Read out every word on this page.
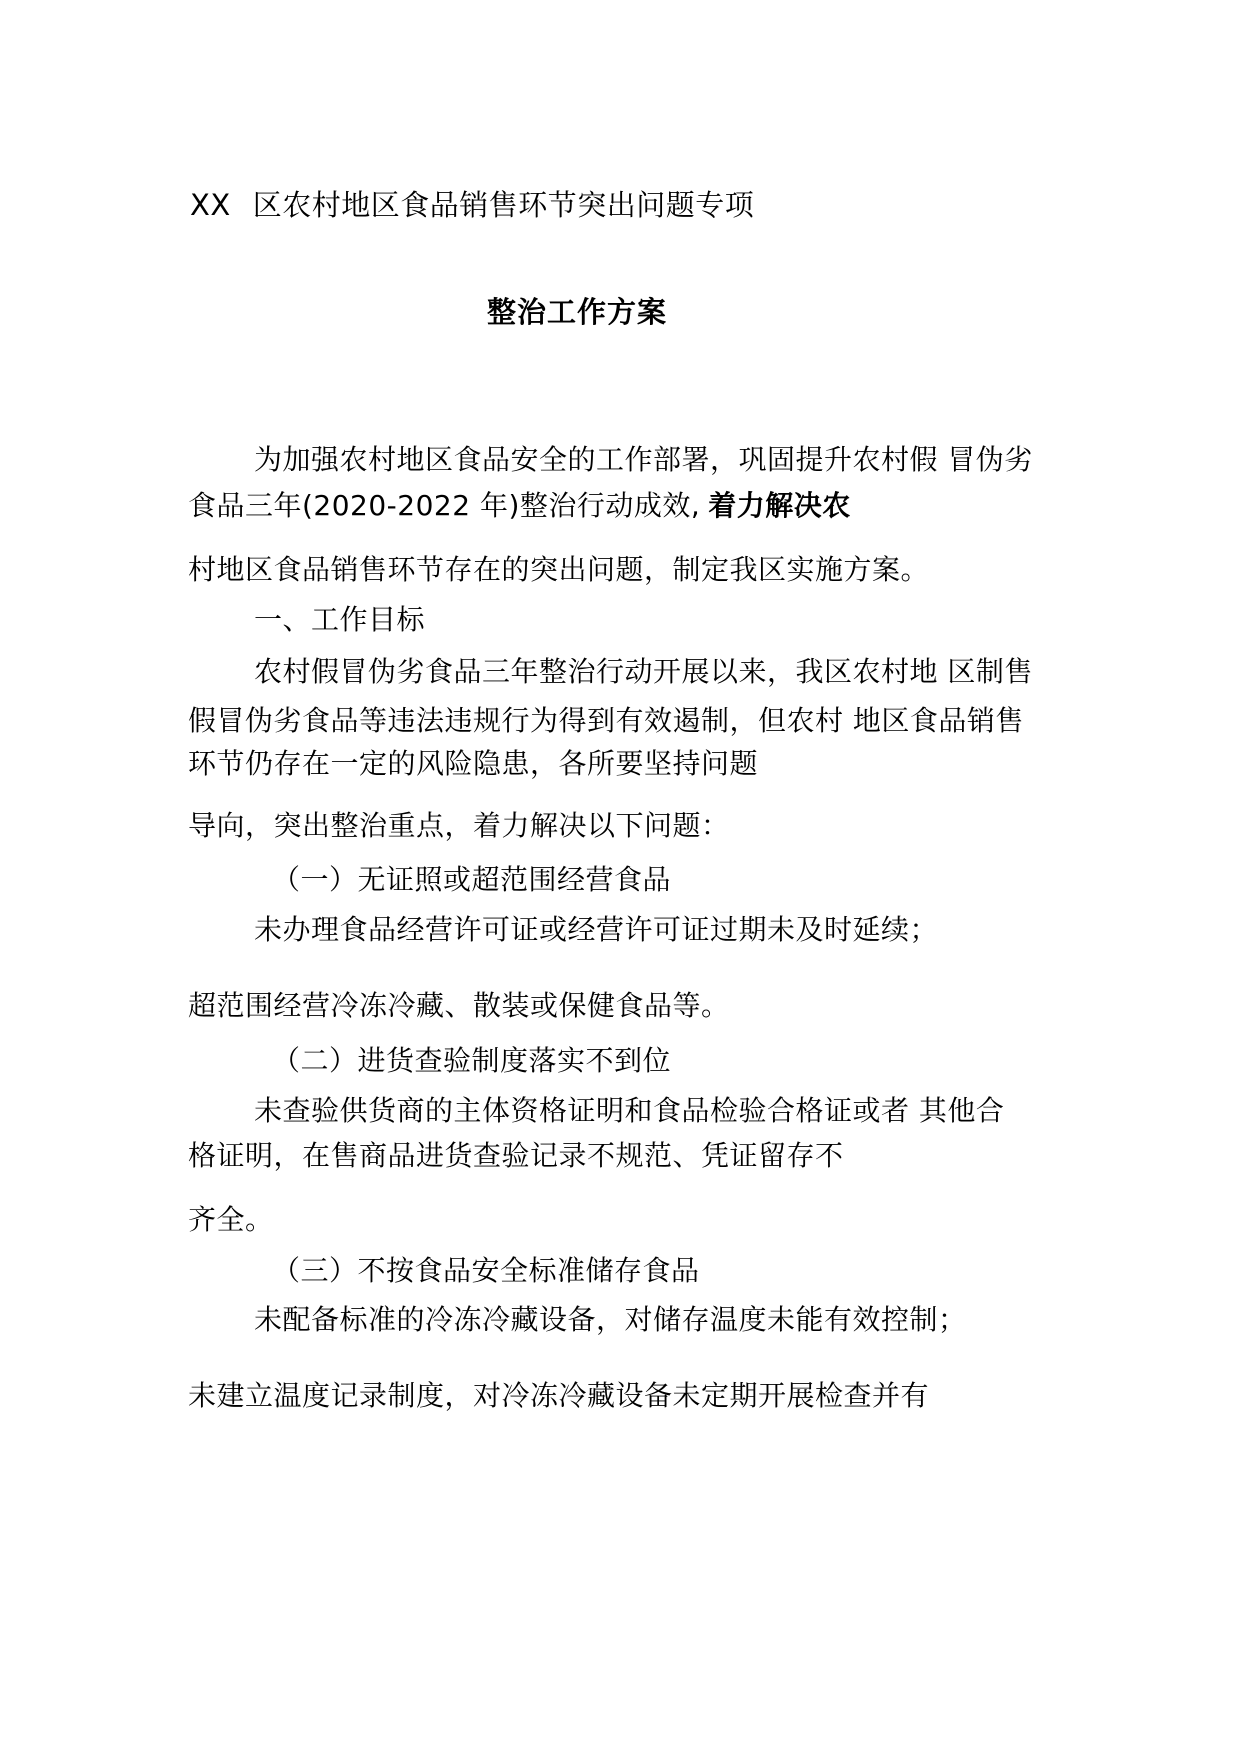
XX 区农村地区食品销售环节突出问题专项
整治工作方案
为加强农村地区食品安全的工作部署，巩固提升农村假 冒伪劣
食品三年(2020-2022 年)整治行动成效, 着力解决农
村地区食品销售环节存在的突出问题，制定我区实施方案。
一、工作目标
农村假冒伪劣食品三年整治行动开展以来，我区农村地 区制售
假冒伪劣食品等违法违规行为得到有效遏制，但农村 地区食品销售
环节仍存在一定的风险隐患，各所要坚持问题
导向，突出整治重点，着力解决以下问题：
（一）无证照或超范围经营食品
未办理食品经营许可证或经营许可证过期未及时延续；
超范围经营冷冻冷藏、散装或保健食品等。
（二）进货查验制度落实不到位
未查验供货商的主体资格证明和食品检验合格证或者 其他合
格证明，在售商品进货查验记录不规范、凭证留存不
齐全。
（三）不按食品安全标准储存食品
未配备标准的冷冻冷藏设备，对储存温度未能有效控制；
未建立温度记录制度，对冷冻冷藏设备未定期开展检查并有
